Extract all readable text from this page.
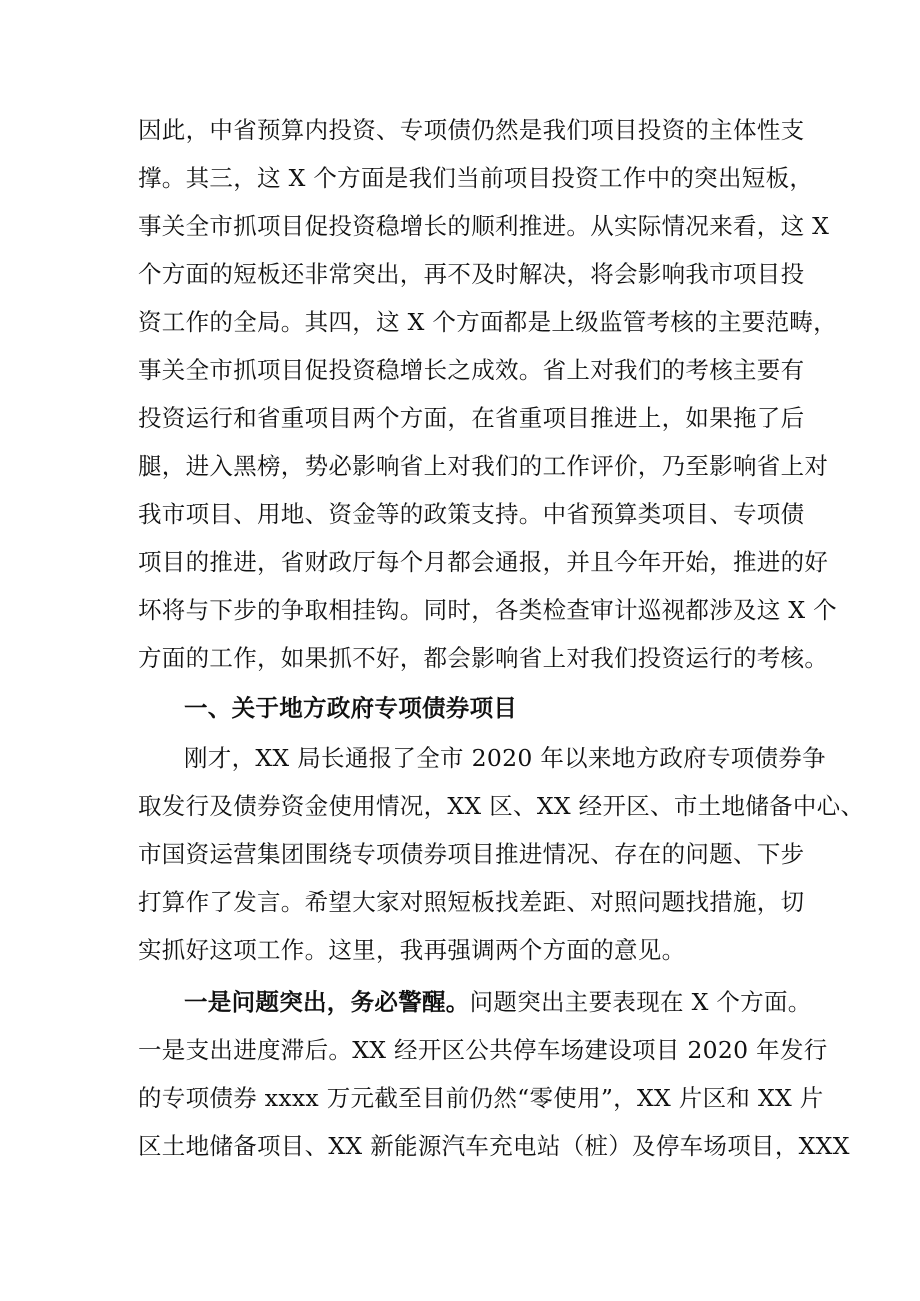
因此，中省预算内投资、专项债仍然是我们项目投资的主体性支
撑。其三，这 X 个方面是我们当前项目投资工作中的突出短板，
事关全市抓项目促投资稳增长的顺利推进。从实际情况来看，这 X
个方面的短板还非常突出，再不及时解决，将会影响我市项目投
资工作的全局。其四，这 X 个方面都是上级监管考核的主要范畴，
事关全市抓项目促投资稳增长之成效。省上对我们的考核主要有
投资运行和省重项目两个方面，在省重项目推进上，如果拖了后
腿，进入黑榜，势必影响省上对我们的工作评价，乃至影响省上对
我市项目、用地、资金等的政策支持。中省预算类项目、专项债
项目的推进，省财政厅每个月都会通报，并且今年开始，推进的好
坏将与下步的争取相挂钩。同时，各类检查审计巡视都涉及这 X 个
方面的工作，如果抓不好，都会影响省上对我们投资运行的考核。
一、关于地方政府专项债券项目
刚才，XX 局长通报了全市 2020 年以来地方政府专项债券争
取发行及债券资金使用情况，XX 区、XX 经开区、市土地储备中心、
市国资运营集团围绕专项债券项目推进情况、存在的问题、下步
打算作了发言。希望大家对照短板找差距、对照问题找措施，切
实抓好这项工作。这里，我再强调两个方面的意见。
一是问题突出，务必警醒。问题突出主要表现在 X 个方面。
一是支出进度滞后。XX 经开区公共停车场建设项目 2020 年发行
的专项债券 xxxx 万元截至目前仍然“零使用”，XX 片区和 XX 片
区土地储备项目、XX 新能源汽车充电站（桩）及停车场项目，XXX
